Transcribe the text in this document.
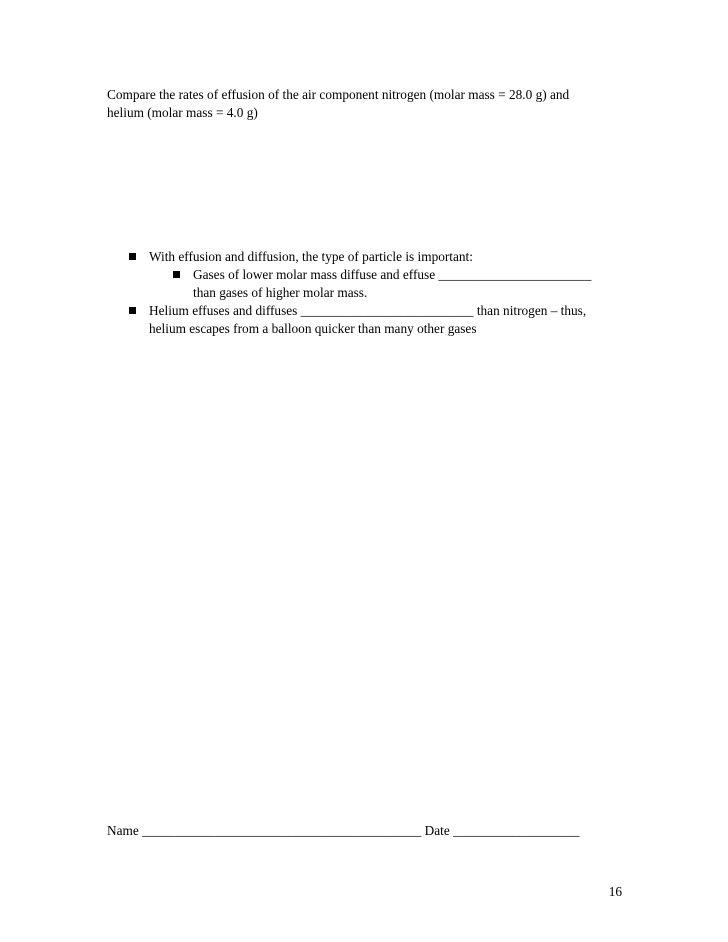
Compare the rates of effusion of the air component nitrogen (molar mass = 28.0 g) and
helium (molar mass = 4.0 g)

With effusion and diffusion, the type of particle is important:

Gases of lower molar mass diffuse and effuse _______________________
than gases of higher molar mass.

Helium effuses and diffuses __________________________ than nitrogen – thus,
helium escapes from a balloon quicker than many other gases

Name __________________________________________ Date ___________________

16
